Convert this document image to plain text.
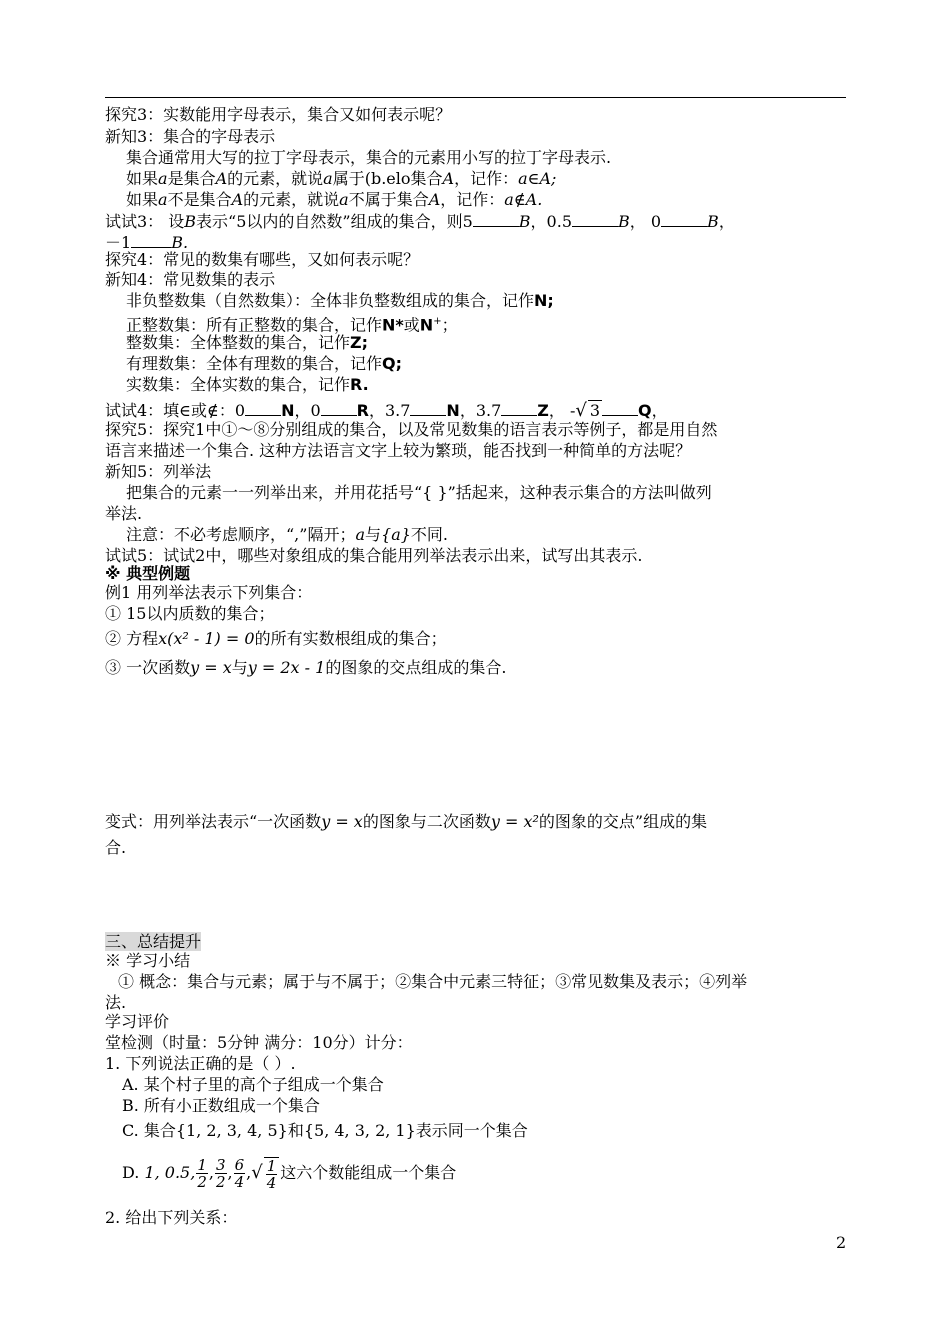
探究3：实数能用字母表示，集合又如何表示呢？
新知3：集合的字母表示
集合通常用大写的拉丁字母表示，集合的元素用小写的拉丁字母表示.
如果a是集合A的元素，就说a属于(b.elo集合A，记作：a∈A;
如果a不是集合A的元素，就说a不属于集合A，记作：a∉A.
试试3： 设B表示“5以内的自然数”组成的集合，则5	B，0.5	B， 0	B，
－1	B.
探究4：常见的数集有哪些，又如何表示呢？
新知4：常见数集的表示
非负整数集（自然数集）：全体非负整数组成的集合，记作N;
正整数集：所有正整数的集合，记作N*或N+；
整数集：全体整数的集合，记作Z;
有理数集：全体有理数的集合，记作Q;
实数集：全体实数的集合，记作R.
试试4：填∈或∉：0 N，0 R，3.7 N，3.7 Z， -√ 3 Q，
探究5：探究1中①～⑧分别组成的集合，以及常见数集的语言表示等例子，都是用自然
语言来描述一个集合. 这种方法语言文字上较为繁琐，能否找到一种简单的方法呢？
新知5：列举法
把集合的元素一一列举出来，并用花括号“{ }”括起来，这种表示集合的方法叫做列
举法.
注意：不必考虑顺序，“,”隔开；a与{a}不同.
试试5：试试2中，哪些对象组成的集合能用列举法表示出来，试写出其表示.
※ 典型例题
例1 用列举法表示下列集合：
① 15以内质数的集合；
② 方程x(x² - 1) = 0的所有实数根组成的集合；
③ 一次函数y = x与y = 2x - 1的图象的交点组成的集合.
变式：用列举法表示“一次函数y = x的图象与二次函数y = x²的图象的交点”组成的集
合.
三、总结提升
※ 学习小结
① 概念：集合与元素；属于与不属于；②集合中元素三特征；③常见数集及表示；④列举
法.
学习评价
堂检测（时量：5分钟 满分：10分）计分：
1. 下列说法正确的是（ ）.
A. 某个村子里的高个子组成一个集合
B. 所有小正数组成一个集合
C. 集合{1, 2, 3, 4, 5}和{5, 4, 3, 2, 1}表示同一个集合
D. 1, 0.5, $\frac{1}{2}$ , $\frac{3}{2}$ , $\frac{6}{4}$ ,√ $\frac{1}{4}$ 这六个数能组成一个集合
2. 给出下列关系：
2
